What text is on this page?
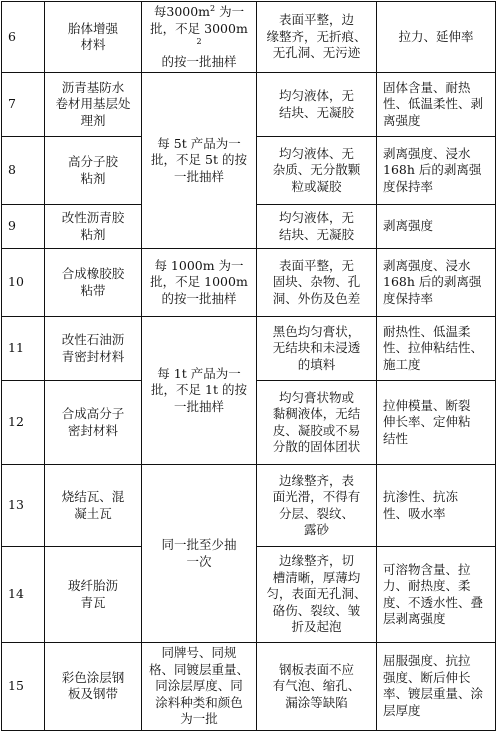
6	胎体增强
材料	每$3000m^2$ 为一
批，不足 $3000m^2$
的按一批抽样	表面平整，边
缘整齐，无折痕、
无孔洞、无污迹	拉力、延伸率
7	沥青基防水
卷材用基层处
理剂	每 5t 产品为一
批，不足 5t 的按
一批抽样	均匀液体，无
结块、无凝胶	固体含量、耐热
性、低温柔性、剥
离强度
8	高分子胶
粘剂		均匀液体、无
杂质、无分散颗
粒或凝胶	剥离强度、浸水
168h 后的剥离强
度保持率
9	改性沥青胶
粘剂		均匀液体，无
结块、无凝胶	剥离强度
10	合成橡胶胶
粘带	每 1000m 为一
批，不足 1000m
的按一批抽样	表面平整，无
固块、杂物、孔
洞、外伤及色差	剥离强度、浸水
168h 后的剥离强
度保持率
11	改性石油沥
青密封材料	每 1t 产品为一
批，不足 1t 的按
一批抽样	黑色均匀膏状，
无结块和未浸透
的填料	耐热性、低温柔
性、拉伸粘结性、
施工度
12	合成高分子
密封材料		均匀膏状物或
黏稠液体，无结
皮、凝胶或不易
分散的固体团状	拉伸模量、断裂
伸长率、定伸粘
结性
13	烧结瓦、混
凝土瓦	同一批至少抽
一次	边缘整齐，表
面光滑，不得有
分层、裂纹、
露砂	抗渗性、抗冻
性、吸水率
14	玻纤胎沥
青瓦		边缘整齐，切
槽清晰，厚薄均
匀，表面无孔洞、
硌伤、裂纹、皱
折及起泡	可溶物含量、拉
力、耐热度、柔
度、不透水性、叠
层剥离强度
15	彩色涂层钢
板及钢带	同牌号、同规
格、同镀层重量、
同涂层厚度、同
涂料种类和颜色
为一批	钢板表面不应
有气泡、缩孔、
漏涂等缺陷	屈服强度、抗拉
强度、断后伸长
率、镀层重量、涂
层厚度
